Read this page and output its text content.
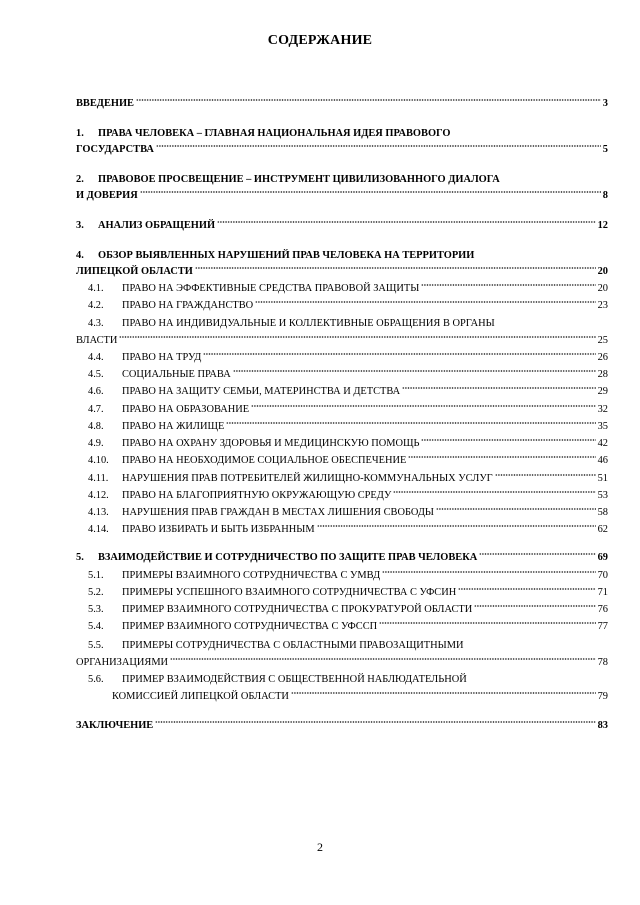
СОДЕРЖАНИЕ
ВВЕДЕНИЕ	3
1. ПРАВА ЧЕЛОВЕКА – ГЛАВНАЯ НАЦИОНАЛЬНАЯ ИДЕЯ ПРАВОВОГО
ГОСУДАРСТВА	5
2. ПРАВОВОЕ ПРОСВЕЩЕНИЕ – ИНСТРУМЕНТ ЦИВИЛИЗОВАННОГО ДИАЛОГА
И ДОВЕРИЯ	8
3.	АНАЛИЗ ОБРАЩЕНИЙ	12
4. ОБЗОР ВЫЯВЛЕННЫХ НАРУШЕНИЙ ПРАВ ЧЕЛОВЕКА НА ТЕРРИТОРИИ
ЛИПЕЦКОЙ ОБЛАСТИ	20
4.1.	ПРАВО НА ЭФФЕКТИВНЫЕ СРЕДСТВА ПРАВОВОЙ ЗАЩИТЫ	20
4.2.	ПРАВО НА ГРАЖДАНСТВО	23
4.3. ПРАВО НА ИНДИВИДУАЛЬНЫЕ И КОЛЛЕКТИВНЫЕ ОБРАЩЕНИЯ В ОРГАНЫ
ВЛАСТИ	25
4.4.	ПРАВО НА ТРУД	26
4.5.	СОЦИАЛЬНЫЕ ПРАВА	28
4.6.	ПРАВО НА ЗАЩИТУ СЕМЬИ, МАТЕРИНСТВА И ДЕТСТВА	29
4.7.	ПРАВО НА ОБРАЗОВАНИЕ	32
4.8.	ПРАВО НА ЖИЛИЩЕ	35
4.9.	ПРАВО НА ОХРАНУ ЗДОРОВЬЯ И МЕДИЦИНСКУЮ ПОМОЩЬ	42
4.10.	ПРАВО НА НЕОБХОДИМОЕ СОЦИАЛЬНОЕ ОБЕСПЕЧЕНИЕ	46
4.11.	НАРУШЕНИЯ ПРАВ ПОТРЕБИТЕЛЕЙ ЖИЛИЩНО-КОММУНАЛЬНЫХ УСЛУГ	51
4.12.	ПРАВО НА БЛАГОПРИЯТНУЮ ОКРУЖАЮЩУЮ СРЕДУ	53
4.13.	НАРУШЕНИЯ ПРАВ ГРАЖДАН В МЕСТАХ ЛИШЕНИЯ СВОБОДЫ	58
4.14.	ПРАВО ИЗБИРАТЬ И БЫТЬ ИЗБРАННЫМ	62
5.	ВЗАИМОДЕЙСТВИЕ И СОТРУДНИЧЕСТВО ПО ЗАЩИТЕ ПРАВ ЧЕЛОВЕКА	69
5.1.	ПРИМЕРЫ ВЗАИМНОГО СОТРУДНИЧЕСТВА С УМВД	70
5.2.	ПРИМЕРЫ УСПЕШНОГО ВЗАИМНОГО СОТРУДНИЧЕСТВА С УФСИН	71
5.3.	ПРИМЕР ВЗАИМНОГО СОТРУДНИЧЕСТВА С ПРОКУРАТУРОЙ ОБЛАСТИ	76
5.4.	ПРИМЕР ВЗАИМНОГО СОТРУДНИЧЕСТВА С УФССП	77
5.5. ПРИМЕРЫ СОТРУДНИЧЕСТВА С ОБЛАСТНЫМИ ПРАВОЗАЩИТНЫМИ
ОРГАНИЗАЦИЯМИ	78
5.6. ПРИМЕР ВЗАИМОДЕЙСТВИЯ С ОБЩЕСТВЕННОЙ НАБЛЮДАТЕЛЬНОЙ
КОМИССИЕЙ ЛИПЕЦКОЙ ОБЛАСТИ	79
ЗАКЛЮЧЕНИЕ	83
2
